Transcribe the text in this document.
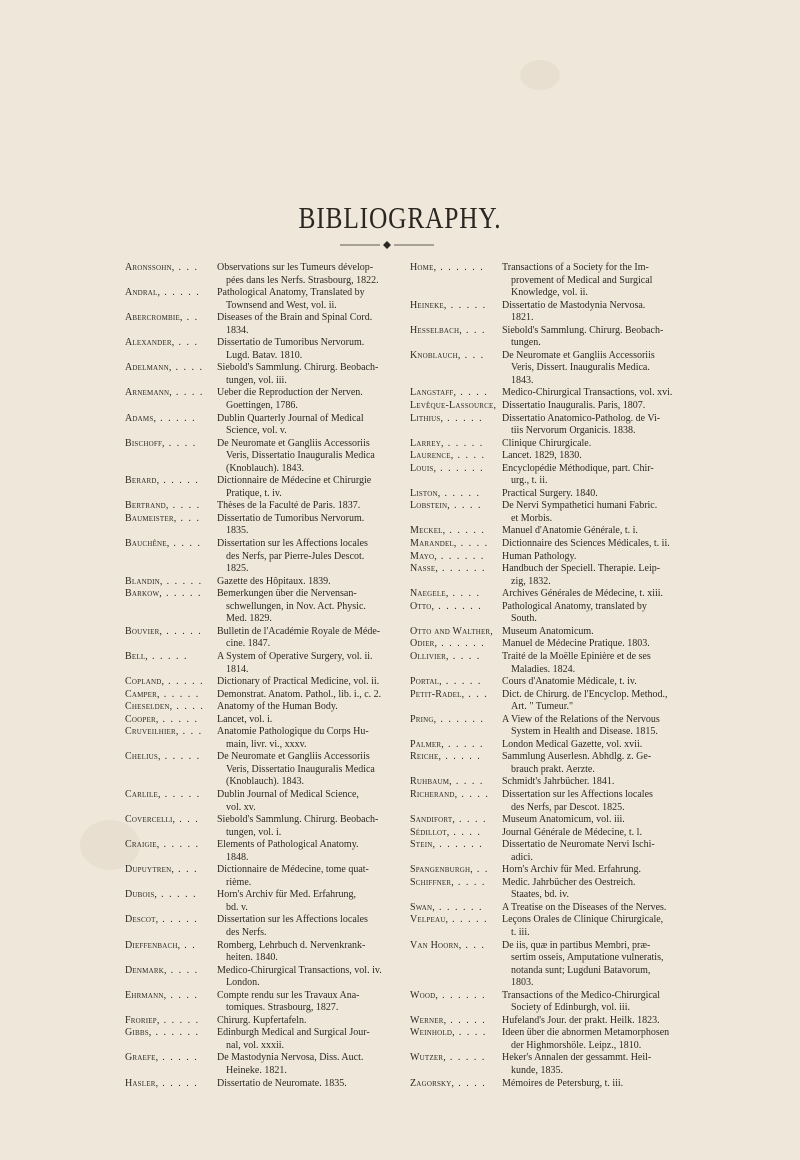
BIBLIOGRAPHY.
Aronssohn, . . .	Observations sur les Tumeurs dévelop-
pées dans les Nerfs. Strasbourg, 1822.
Andral, . . . . .	Pathological Anatomy, Translated by
Townsend and West, vol. ii.
Abercrombie, . .	Diseases of the Brain and Spinal Cord.
1834.
Alexander, . . .	Dissertatio de Tumoribus Nervorum.
Lugd. Batav. 1810.
Adelmann, . . . .	Siebold's Sammlung. Chirurg. Beobach-
tungen, vol. iii.
Arnemann, . . . .	Ueber die Reproduction der Nerven.
Goettingen, 1786.
Adams, . . . . .	Dublin Quarterly Journal of Medical
Science, vol. v.
Bischoff, . . . .	De Neuromate et Gangliis Accessoriis
Veris, Dissertatio Inauguralis Medica
(Knoblauch). 1843.
Berard, . . . . .	Dictionnaire de Médecine et Chirurgie
Pratique, t. iv.
Bertrand, . . . .	Thèses de la Faculté de Paris. 1837.
Baumeister, . . .	Dissertatio de Tumoribus Nervorum.
1835.
Bauchêne, . . . .	Dissertation sur les Affections locales
des Nerfs, par Pierre-Jules Descot.
1825.
Blandin, . . . . .	Gazette des Hôpitaux. 1839.
Barkow, . . . . .	Bemerkungen über die Nervensan-
schwellungen, in Nov. Act. Physic.
Med. 1829.
Bouvier, . . . . .	Bulletin de l'Académie Royale de Méde-
cine. 1847.
Bell, . . . . .	A System of Operative Surgery, vol. ii.
1814.
Copland, . . . . .	Dictionary of Practical Medicine, vol. ii.
Camper, . . . . .	Demonstrat. Anatom. Pathol., lib. i., c. 2.
Cheselden, . . . .	Anatomy of the Human Body.
Cooper, . . . . .	Lancet, vol. i.
Cruveilhier, . . .	Anatomie Pathologique du Corps Hu-
main, livr. vi., xxxv.
Chelius, . . . . .	De Neuromate et Gangliis Accessoriis
Veris, Dissertatio Inauguralis Medica
(Knoblauch). 1843.
Carlile, . . . . .	Dublin Journal of Medical Science,
vol. xv.
Covercelli, . . .	Siebold's Sammlung. Chirurg. Beobach-
tungen, vol. i.
Craigie, . . . . .	Elements of Pathological Anatomy.
1848.
Dupuytren, . . .	Dictionnaire de Médecine, tome quat-
rième.
Dubois, . . . . .	Horn's Archiv für Med. Erfahrung,
bd. v.
Descot, . . . . .	Dissertation sur les Affections locales
des Nerfs.
Dieffenbach, . .	Romberg, Lehrbuch d. Nervenkrank-
heiten. 1840.
Denmark, . . . .	Medico-Chirurgical Transactions, vol. iv.
London.
Ehrmann, . . . .	Compte rendu sur les Travaux Ana-
tomiques. Strasbourg, 1827.
Froriep, . . . . .	Chirurg. Kupfertafeln.
Gibbs, . . . . . .	Edinburgh Medical and Surgical Jour-
nal, vol. xxxii.
Graefe, . . . . .	De Mastodynia Nervosa, Diss. Auct.
Heineke. 1821.
Hasler, . . . . .	Dissertatio de Neuromate. 1835.
Home, . . . . . .	Transactions of a Society for the Im-
provement of Medical and Surgical
Knowledge, vol. ii.
Heineke, . . . . .	Dissertatio de Mastodynia Nervosa.
1821.
Hesselbach, . . .	Siebold's Sammlung. Chirurg. Beobach-
tungen.
Knoblauch, . . .	De Neuromate et Gangliis Accessoriis
Veris, Dissert. Inauguralis Medica.
1843.
Langstaff, . . . .	Medico-Chirurgical Transactions, vol. xvi.
Levêque-Lassource, Dissertatio Inauguralis. Paris, 1807.
Lithius, . . . . .	Dissertatio Anatomico-Patholog. de Vi-
tiis Nervorum Organicis. 1838.
Larrey, . . . . .	Clinique Chirurgicale.
Laurence, . . . .	Lancet. 1829, 1830.
Louis, . . . . . .	Encyclopédie Méthodique, part. Chir-
urg., t. ii.
Liston, . . . . .	Practical Surgery. 1840.
Lobstein, . . . .	De Nervi Sympathetici humani Fabric.
et Morbis.
Meckel, . . . . .	Manuel d'Anatomie Générale, t. i.
Marandel, . . . .	Dictionnaire des Sciences Médicales, t. ii.
Mayo, . . . . . .	Human Pathology.
Nasse, . . . . . .	Handbuch der Speciell. Therapie. Leip-
zig, 1832.
Naegele, . . . .	Archives Générales de Médecine, t. xiii.
Otto, . . . . . .	Pathological Anatomy, translated by
South.
Otto and Walther, Museum Anatomicum.
Odier, . . . . . .	Manuel de Médecine Pratique. 1803.
Ollivier, . . . .	Traité de la Moëlle Epinière et de ses
Maladies. 1824.
Portal, . . . . .	Cours d'Anatomie Médicale, t. iv.
Petit-Radel, . . .	Dict. de Chirurg. de l'Encyclop. Method.,
Art. " Tumeur."
Pring, . . . . . .	A View of the Relations of the Nervous
System in Health and Disease. 1815.
Palmer, . . . . .	London Medical Gazette, vol. xvii.
Reiche, . . . . .	Sammlung Auserlesn. Abhdlg. z. Ge-
brauch prakt. Aerzte.
Ruhbaum, . . . .	Schmidt's Jahrbücher. 1841.
Richerand, . . . .	Dissertation sur les Affections locales
des Nerfs, par Descot. 1825.
Sandifort, . . . .	Museum Anatomicum, vol. iii.
Sédillot, . . . .	Journal Générale de Médecine, t. l.
Stein, . . . . . .	Dissertatio de Neuromate Nervi Ischi-
adici.
Spangenburgh, . .	Horn's Archiv für Med. Erfahrung.
Schiffner, . . . .	Medic. Jahrbücher des Oestreich.
Staates, bd. iv.
Swan, . . . . . .	A Treatise on the Diseases of the Nerves.
Velpeau, . . . . .	Leçons Orales de Clinique Chirurgicale,
t. iii.
Van Hoorn, . . .	De iis, quæ in partibus Membri, præ-
sertim osseis, Amputatione vulneratis,
notanda sunt; Lugduni Batavorum,
1803.
Wood, . . . . . .	Transactions of the Medico-Chirurgical
Society of Edinburgh, vol. iii.
Werner, . . . . .	Hufeland's Jour. der prakt. Heilk. 1823.
Weinhold, . . . .	Ideen über die abnormen Metamorphosen
der Highmorshöle. Leipz., 1810.
Wutzer, . . . . .	Heker's Annalen der gessammt. Heil-
kunde, 1835.
Zagorsky, . . . .	Mémoires de Petersburg, t. iii.
